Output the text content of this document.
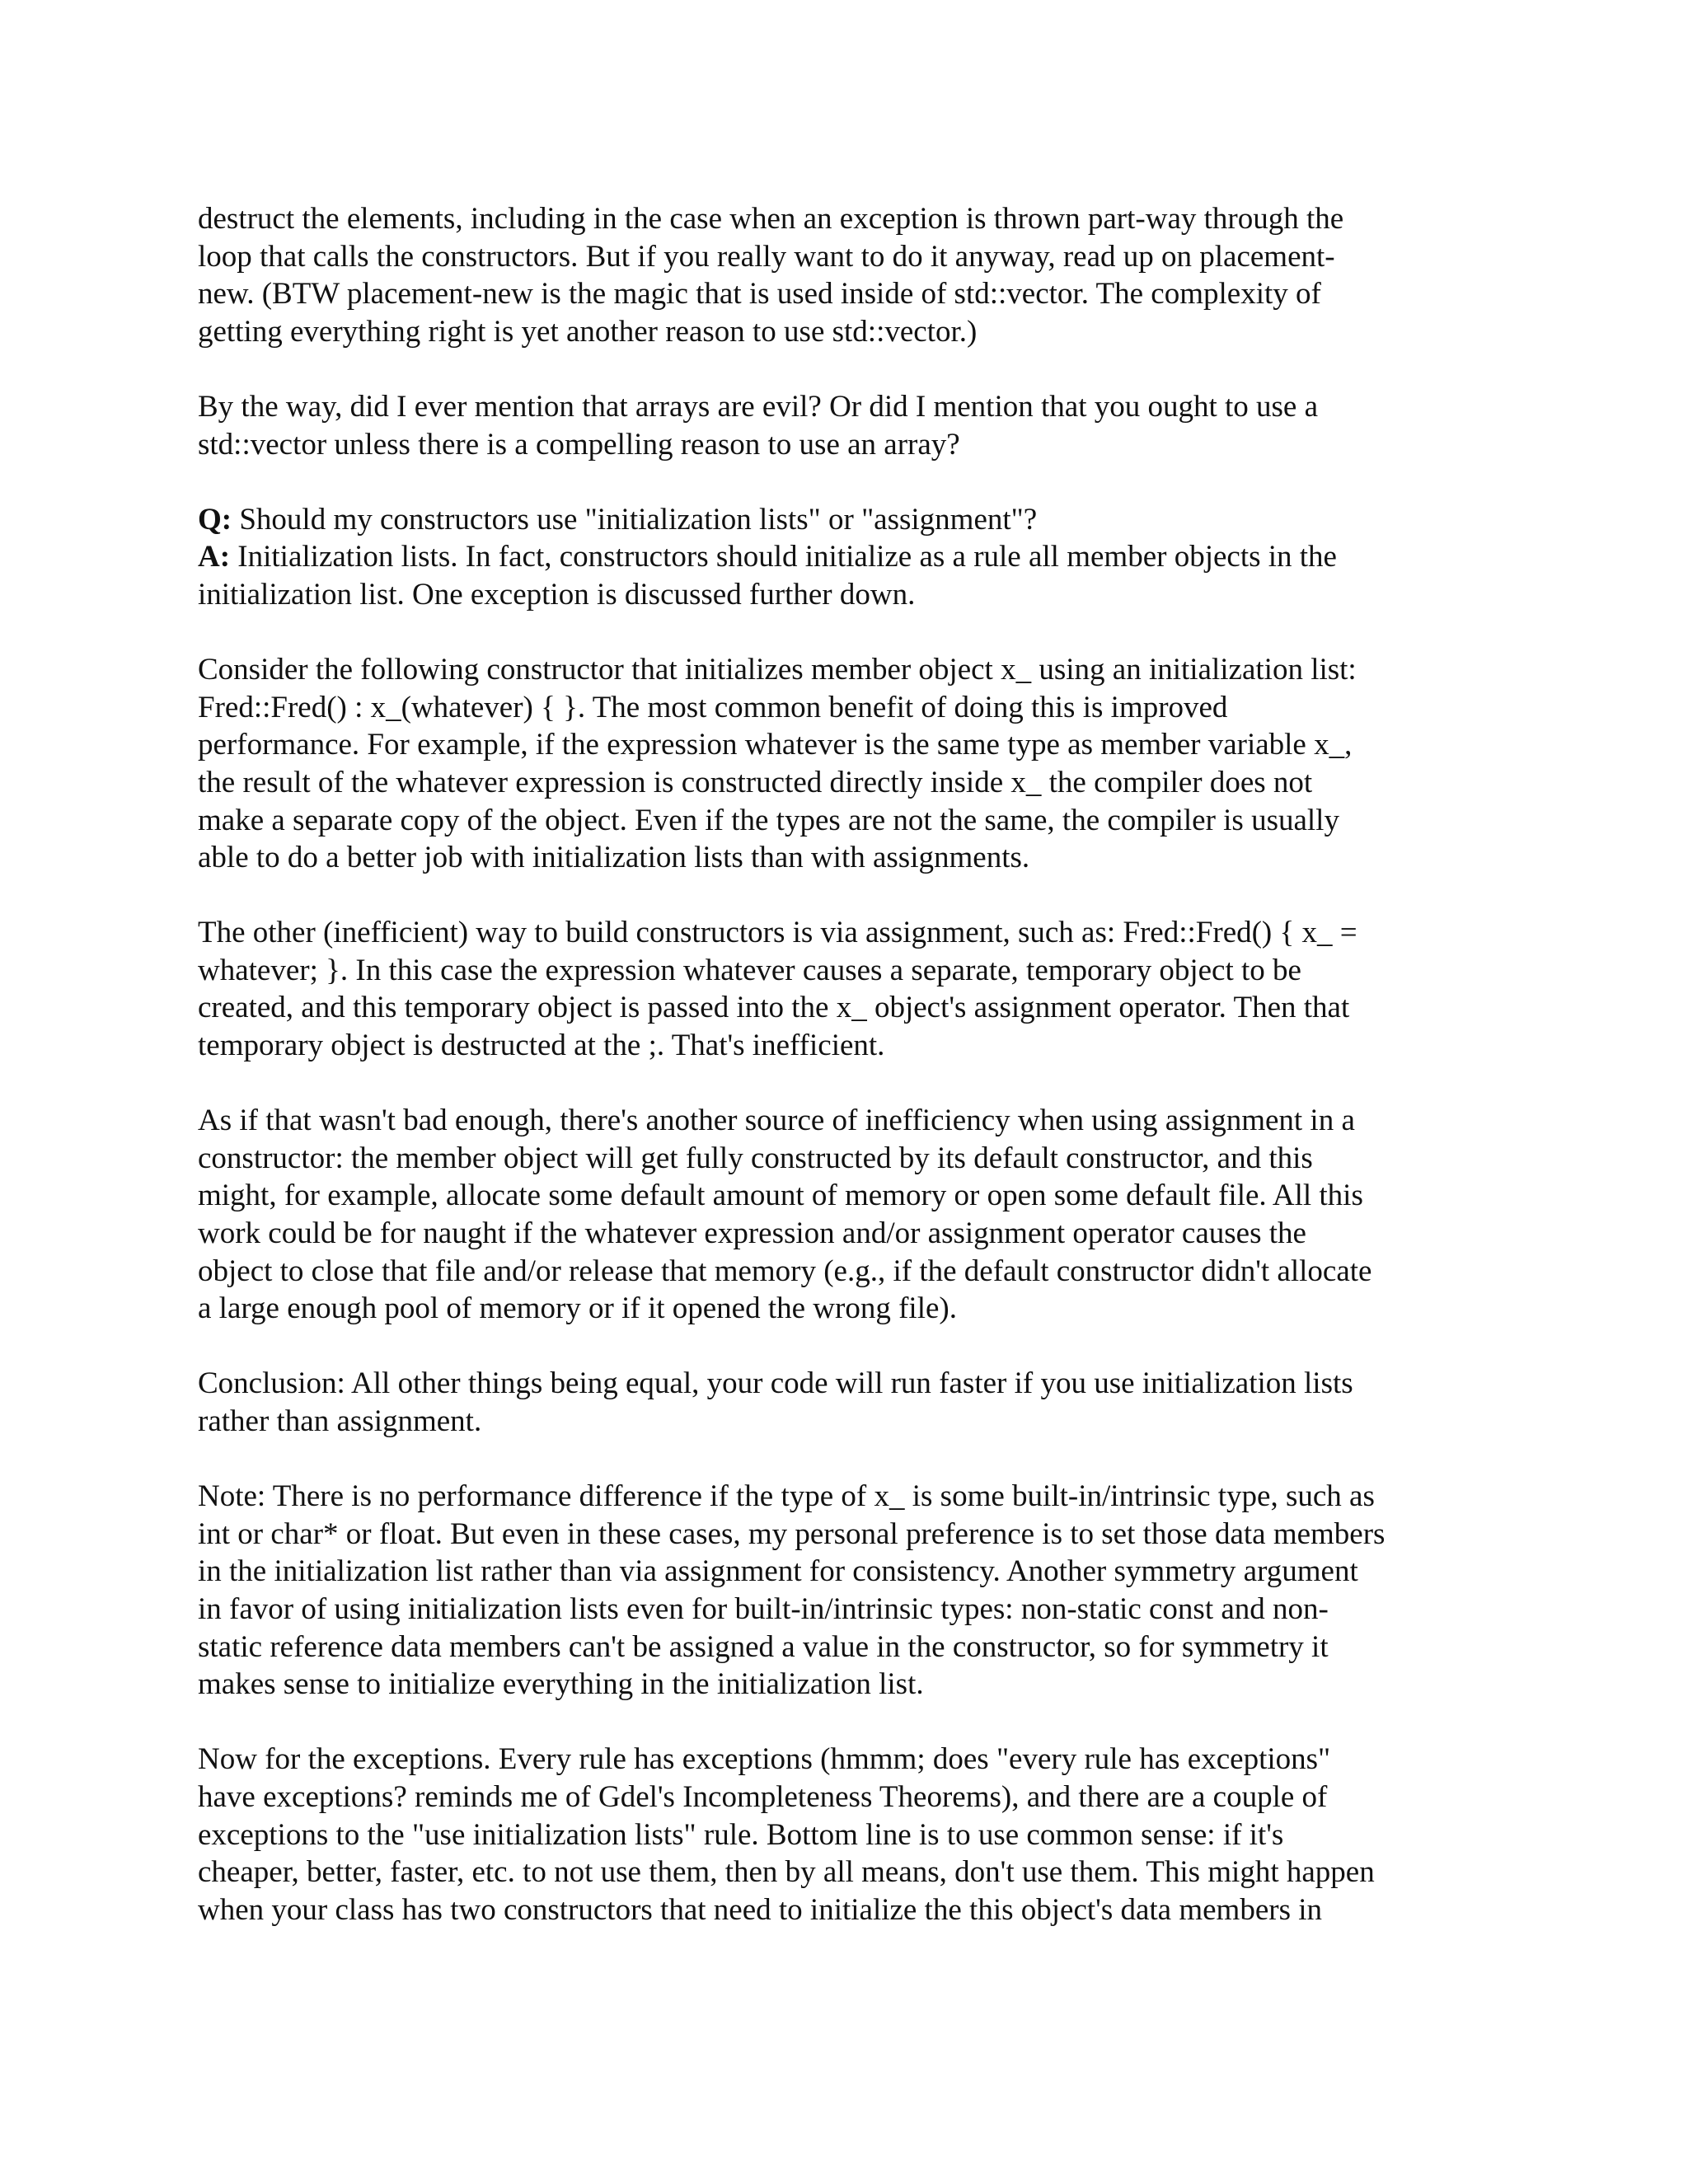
destruct the elements, including in the case when an exception is thrown part-way through the
loop that calls the constructors. But if you really want to do it anyway, read up on placement-
new. (BTW placement-new is the magic that is used inside of std::vector. The complexity of
getting everything right is yet another reason to use std::vector.)

By the way, did I ever mention that arrays are evil? Or did I mention that you ought to use a
std::vector unless there is a compelling reason to use an array?

Q: Should my constructors use "initialization lists" or "assignment"?

A: Initialization lists. In fact, constructors should initialize as a rule all member objects in the
initialization list. One exception is discussed further down.

Consider the following constructor that initializes member object x_ using an initialization list:
Fred::Fred() : x_(whatever) { }. The most common benefit of doing this is improved
performance. For example, if the expression whatever is the same type as member variable x_,
the result of the whatever expression is constructed directly inside x_ the compiler does not
make a separate copy of the object. Even if the types are not the same, the compiler is usually
able to do a better job with initialization lists than with assignments.

The other (inefficient) way to build constructors is via assignment, such as: Fred::Fred() { x_ =
whatever; }. In this case the expression whatever causes a separate, temporary object to be
created, and this temporary object is passed into the x_ object's assignment operator. Then that
temporary object is destructed at the ;. That's inefficient.

As if that wasn't bad enough, there's another source of inefficiency when using assignment in a
constructor: the member object will get fully constructed by its default constructor, and this
might, for example, allocate some default amount of memory or open some default file. All this
work could be for naught if the whatever expression and/or assignment operator causes the
object to close that file and/or release that memory (e.g., if the default constructor didn't allocate
a large enough pool of memory or if it opened the wrong file).

Conclusion: All other things being equal, your code will run faster if you use initialization lists
rather than assignment.

Note: There is no performance difference if the type of x_ is some built-in/intrinsic type, such as
int or char* or float. But even in these cases, my personal preference is to set those data members
in the initialization list rather than via assignment for consistency. Another symmetry argument
in favor of using initialization lists even for built-in/intrinsic types: non-static const and non-
static reference data members can't be assigned a value in the constructor, so for symmetry it
makes sense to initialize everything in the initialization list.

Now for the exceptions. Every rule has exceptions (hmmm; does "every rule has exceptions"
have exceptions? reminds me of Gdel's Incompleteness Theorems), and there are a couple of
exceptions to the "use initialization lists" rule. Bottom line is to use common sense: if it's
cheaper, better, faster, etc. to not use them, then by all means, don't use them. This might happen
when your class has two constructors that need to initialize the this object's data members in
